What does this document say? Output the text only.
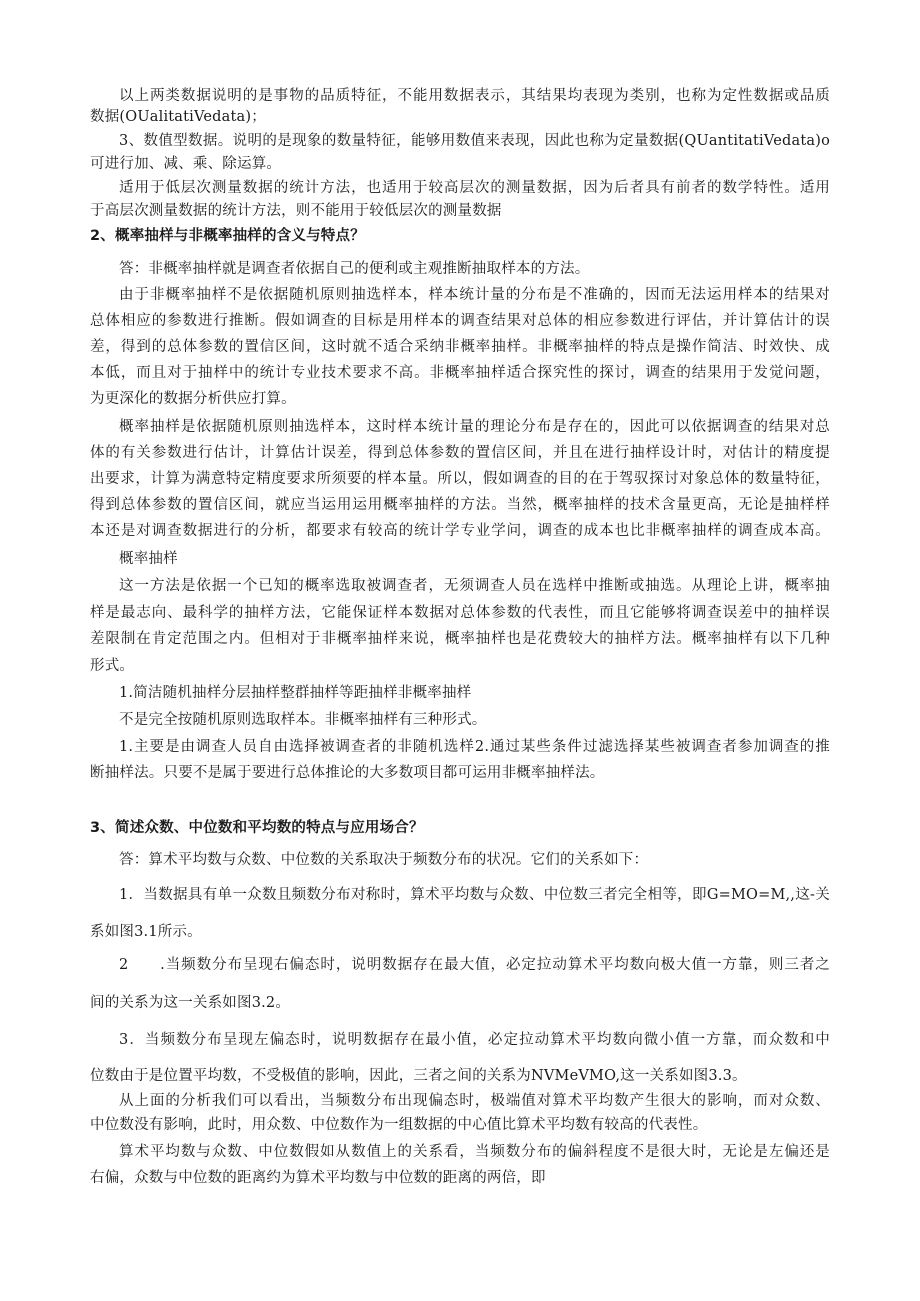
以上两类数据说明的是事物的品质特征，不能用数据表示，其结果均表现为类别，也称为定性数据或品质
数据(OUalitatiVedata)；
3、数值型数据。说明的是现象的数量特征，能够用数值来表现，因此也称为定量数据(QUantitatiVedata)o
可进行加、减、乘、除运算。
适用于低层次测量数据的统计方法，也适用于较高层次的测量数据，因为后者具有前者的数学特性。适用
于高层次测量数据的统计方法，则不能用于较低层次的测量数据
2、概率抽样与非概率抽样的含义与特点？
答：非概率抽样就是调查者依据自己的便利或主观推断抽取样本的方法。
由于非概率抽样不是依据随机原则抽选样本，样本统计量的分布是不准确的，因而无法运用样本的结果对
总体相应的参数进行推断。假如调查的目标是用样本的调查结果对总体的相应参数进行评估，并计算估计的误
差，得到的总体参数的置信区间，这时就不适合采纳非概率抽样。非概率抽样的特点是操作简洁、时效快、成
本低，而且对于抽样中的统计专业技术要求不高。非概率抽样适合探究性的探讨，调查的结果用于发觉问题，
为更深化的数据分析供应打算。
概率抽样是依据随机原则抽选样本，这时样本统计量的理论分布是存在的，因此可以依据调查的结果对总
体的有关参数进行估计，计算估计误差，得到总体参数的置信区间，并且在进行抽样设计时，对估计的精度提
出要求，计算为满意特定精度要求所须要的样本量。所以，假如调查的目的在于驾驭探讨对象总体的数量特征，
得到总体参数的置信区间，就应当运用运用概率抽样的方法。当然，概率抽样的技术含量更高，无论是抽样样
本还是对调查数据进行的分析，都要求有较高的统计学专业学问，调查的成本也比非概率抽样的调查成本高。
概率抽样
这一方法是依据一个已知的概率选取被调查者，无须调查人员在选样中推断或抽选。从理论上讲，概率抽
样是最志向、最科学的抽样方法，它能保证样本数据对总体参数的代表性，而且它能够将调查误差中的抽样误
差限制在肯定范围之内。但相对于非概率抽样来说，概率抽样也是花费较大的抽样方法。概率抽样有以下几种
形式。
1.简洁随机抽样分层抽样整群抽样等距抽样非概率抽样
不是完全按随机原则选取样本。非概率抽样有三种形式。
1.主要是由调查人员自由选择被调查者的非随机选样2.通过某些条件过滤选择某些被调查者参加调查的推
断抽样法。只要不是属于要进行总体推论的大多数项目都可运用非概率抽样法。
3、简述众数、中位数和平均数的特点与应用场合？
答：算术平均数与众数、中位数的关系取决于频数分布的状况。它们的关系如下：
1．当数据具有单一众数且频数分布对称时，算术平均数与众数、中位数三者完全相等，即G=MO=M,,这-关
系如图3.1所示。
2　　.当频数分布呈现右偏态时，说明数据存在最大值，必定拉动算术平均数向极大值一方靠，则三者之
间的关系为这一关系如图3.2。
3．当频数分布呈现左偏态时，说明数据存在最小值，必定拉动算术平均数向微小值一方靠，而众数和中
位数由于是位置平均数，不受极值的影响，因此，三者之间的关系为NVMeVMO,这一关系如图3.3。
从上面的分析我们可以看出，当频数分布出现偏态时，极端值对算术平均数产生很大的影响，而对众数、
中位数没有影响，此时，用众数、中位数作为一组数据的中心值比算术平均数有较高的代表性。
算术平均数与众数、中位数假如从数值上的关系看，当频数分布的偏斜程度不是很大时，无论是左偏还是
右偏，众数与中位数的距离约为算术平均数与中位数的距离的两倍，即
